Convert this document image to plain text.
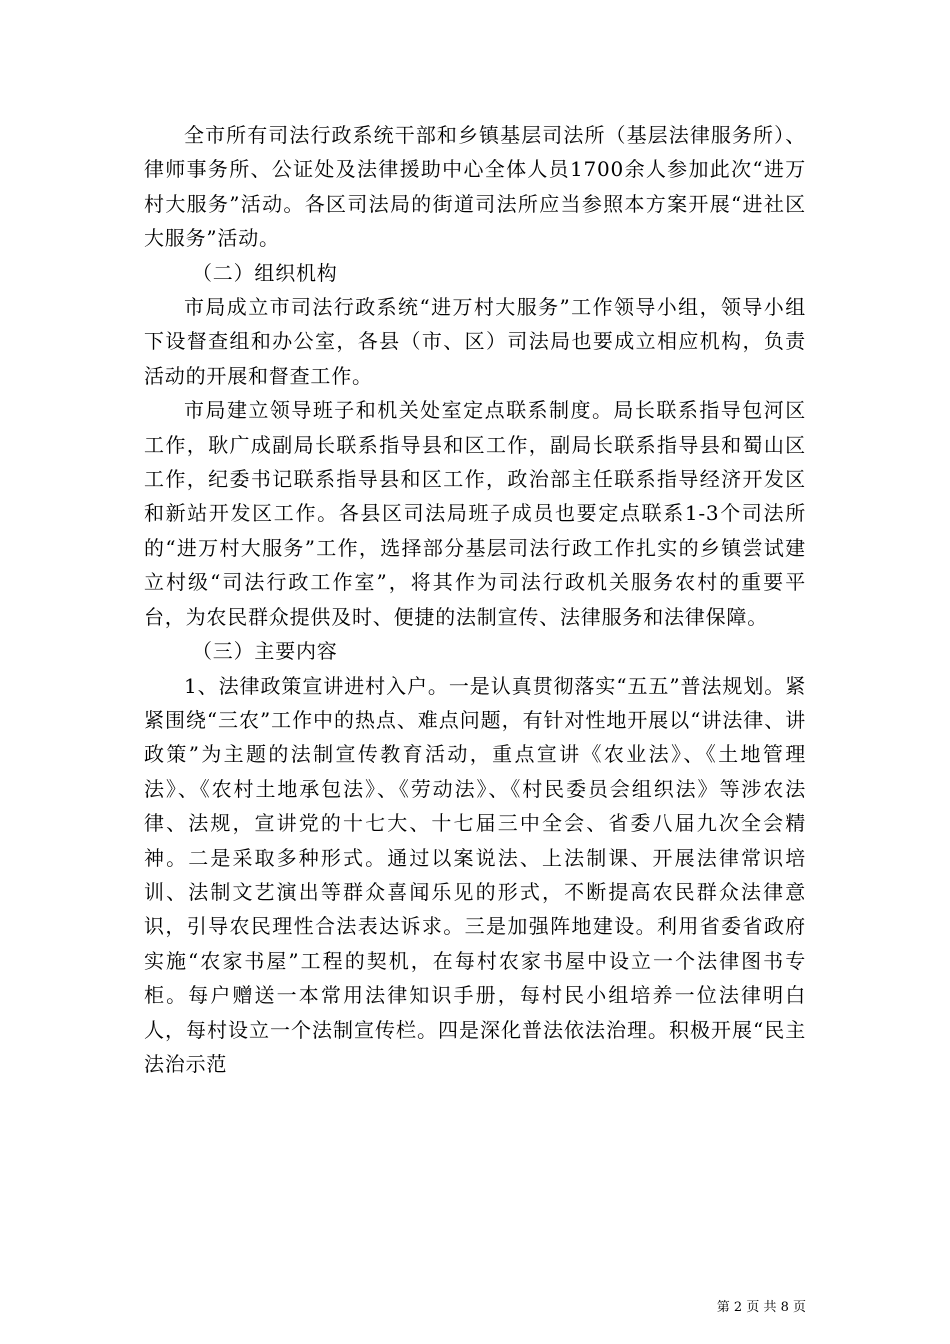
全市所有司法行政系统干部和乡镇基层司法所（基层法律服务所）、律师事务所、公证处及法律援助中心全体人员1700余人参加此次“进万村大服务”活动。各区司法局的街道司法所应当参照本方案开展“进社区大服务”活动。

（二）组织机构

市局成立市司法行政系统“进万村大服务”工作领导小组，领导小组下设督查组和办公室，各县（市、区）司法局也要成立相应机构，负责活动的开展和督查工作。

市局建立领导班子和机关处室定点联系制度。局长联系指导包河区工作，耿广成副局长联系指导县和区工作，副局长联系指导县和蜀山区工作，纪委书记联系指导县和区工作，政治部主任联系指导经济开发区和新站开发区工作。各县区司法局班子成员也要定点联系1-3个司法所的“进万村大服务”工作，选择部分基层司法行政工作扎实的乡镇尝试建立村级“司法行政工作室”，将其作为司法行政机关服务农村的重要平台，为农民群众提供及时、便捷的法制宣传、法律服务和法律保障。

（三）主要内容

1、法律政策宣讲进村入户。一是认真贯彻落实“五五”普法规划。紧紧围绕“三农”工作中的热点、难点问题，有针对性地开展以“讲法律、讲政策”为主题的法制宣传教育活动，重点宣讲《农业法》、《土地管理法》、《农村土地承包法》、《劳动法》、《村民委员会组织法》等涉农法律、法规，宣讲党的十七大、十七届三中全会、省委八届九次全会精神。二是采取多种形式。通过以案说法、上法制课、开展法律常识培训、法制文艺演出等群众喜闻乐见的形式，不断提高农民群众法律意识，引导农民理性合法表达诉求。三是加强阵地建设。利用省委省政府实施“农家书屋”工程的契机，在每村农家书屋中设立一个法律图书专柜。每户赠送一本常用法律知识手册，每村民小组培养一位法律明白人，每村设立一个法制宣传栏。四是深化普法依法治理。积极开展“民主法治示范

第 2 页 共 8 页
